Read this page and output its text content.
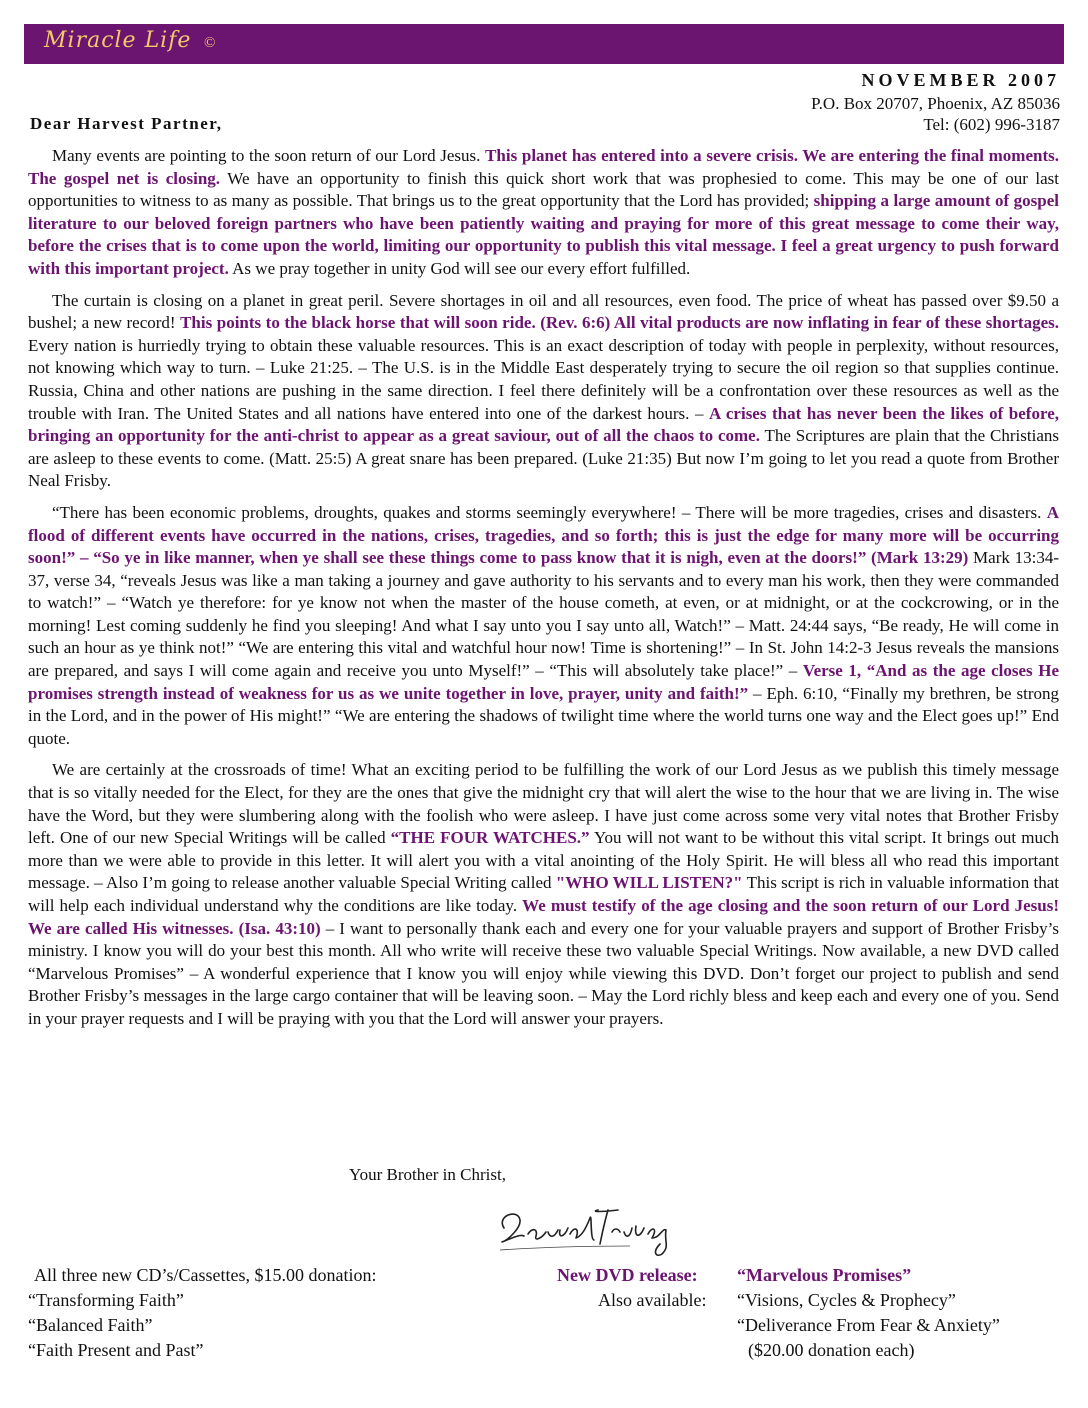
Miracle Life ©
NOVEMBER 2007
P.O. Box 20707, Phoenix, AZ 85036
Tel: (602) 996-3187
Dear Harvest Partner,

Many events are pointing to the soon return of our Lord Jesus. This planet has entered into a severe crisis. We are entering the final moments. The gospel net is closing. We have an opportunity to finish this quick short work that was prophesied to come. This may be one of our last opportunities to witness to as many as possible. That brings us to the great opportunity that the Lord has provided; shipping a large amount of gospel literature to our beloved foreign partners who have been patiently waiting and praying for more of this great message to come their way, before the crises that is to come upon the world, limiting our opportunity to publish this vital message. I feel a great urgency to push forward with this important project. As we pray together in unity God will see our every effort fulfilled.

The curtain is closing on a planet in great peril. Severe shortages in oil and all resources, even food. The price of wheat has passed over $9.50 a bushel; a new record! This points to the black horse that will soon ride. (Rev. 6:6) All vital products are now inflating in fear of these shortages. Every nation is hurriedly trying to obtain these valuable resources. This is an exact description of today with people in perplexity, without resources, not knowing which way to turn. – Luke 21:25. – The U.S. is in the Middle East desperately trying to secure the oil region so that supplies continue. Russia, China and other nations are pushing in the same direction. I feel there definitely will be a confrontation over these resources as well as the trouble with Iran. The United States and all nations have entered into one of the darkest hours. – A crises that has never been the likes of before, bringing an opportunity for the anti-christ to appear as a great saviour, out of all the chaos to come. The Scriptures are plain that the Christians are asleep to these events to come. (Matt. 25:5) A great snare has been prepared. (Luke 21:35) But now I’m going to let you read a quote from Brother Neal Frisby.

“There has been economic problems, droughts, quakes and storms seemingly everywhere! – There will be more tragedies, crises and disasters. A flood of different events have occurred in the nations, crises, tragedies, and so forth; this is just the edge for many more will be occurring soon!” – “So ye in like manner, when ye shall see these things come to pass know that it is nigh, even at the doors!” (Mark 13:29) Mark 13:34-37, verse 34, “reveals Jesus was like a man taking a journey and gave authority to his servants and to every man his work, then they were commanded to watch!” – “Watch ye therefore: for ye know not when the master of the house cometh, at even, or at midnight, or at the cockcrowing, or in the morning! Lest coming suddenly he find you sleeping! And what I say unto you I say unto all, Watch!” – Matt. 24:44 says, “Be ready, He will come in such an hour as ye think not!” “We are entering this vital and watchful hour now! Time is shortening!” – In St. John 14:2-3 Jesus reveals the mansions are prepared, and says I will come again and receive you unto Myself!” – “This will absolutely take place!” – Verse 1, “And as the age closes He promises strength instead of weakness for us as we unite together in love, prayer, unity and faith!” – Eph. 6:10, “Finally my brethren, be strong in the Lord, and in the power of His might!” “We are entering the shadows of twilight time where the world turns one way and the Elect goes up!” End quote.

We are certainly at the crossroads of time! What an exciting period to be fulfilling the work of our Lord Jesus as we publish this timely message that is so vitally needed for the Elect, for they are the ones that give the midnight cry that will alert the wise to the hour that we are living in. The wise have the Word, but they were slumbering along with the foolish who were asleep. I have just come across some very vital notes that Brother Frisby left. One of our new Special Writings will be called “THE FOUR WATCHES.” You will not want to be without this vital script. It brings out much more than we were able to provide in this letter. It will alert you with a vital anointing of the Holy Spirit. He will bless all who read this important message. – Also I’m going to release another valuable Special Writing called "WHO WILL LISTEN?" This script is rich in valuable information that will help each individual understand why the conditions are like today. We must testify of the age closing and the soon return of our Lord Jesus! We are called His witnesses. (Isa. 43:10) – I want to personally thank each and every one for your valuable prayers and support of Brother Frisby’s ministry. I know you will do your best this month. All who write will receive these two valuable Special Writings. Now available, a new DVD called “Marvelous Promises” – A wonderful experience that I know you will enjoy while viewing this DVD. Don’t forget our project to publish and send Brother Frisby’s messages in the large cargo container that will be leaving soon. – May the Lord richly bless and keep each and every one of you. Send in your prayer requests and I will be praying with you that the Lord will answer your prayers.

Your Brother in Christ,
All three new CD’s/Cassettes, $15.00 donation:
“Transforming Faith”
“Balanced Faith”
“Faith Present and Past”
New DVD release: “Marvelous Promises”
Also available: “Visions, Cycles & Prophecy”
“Deliverance From Fear & Anxiety”
($20.00 donation each)
